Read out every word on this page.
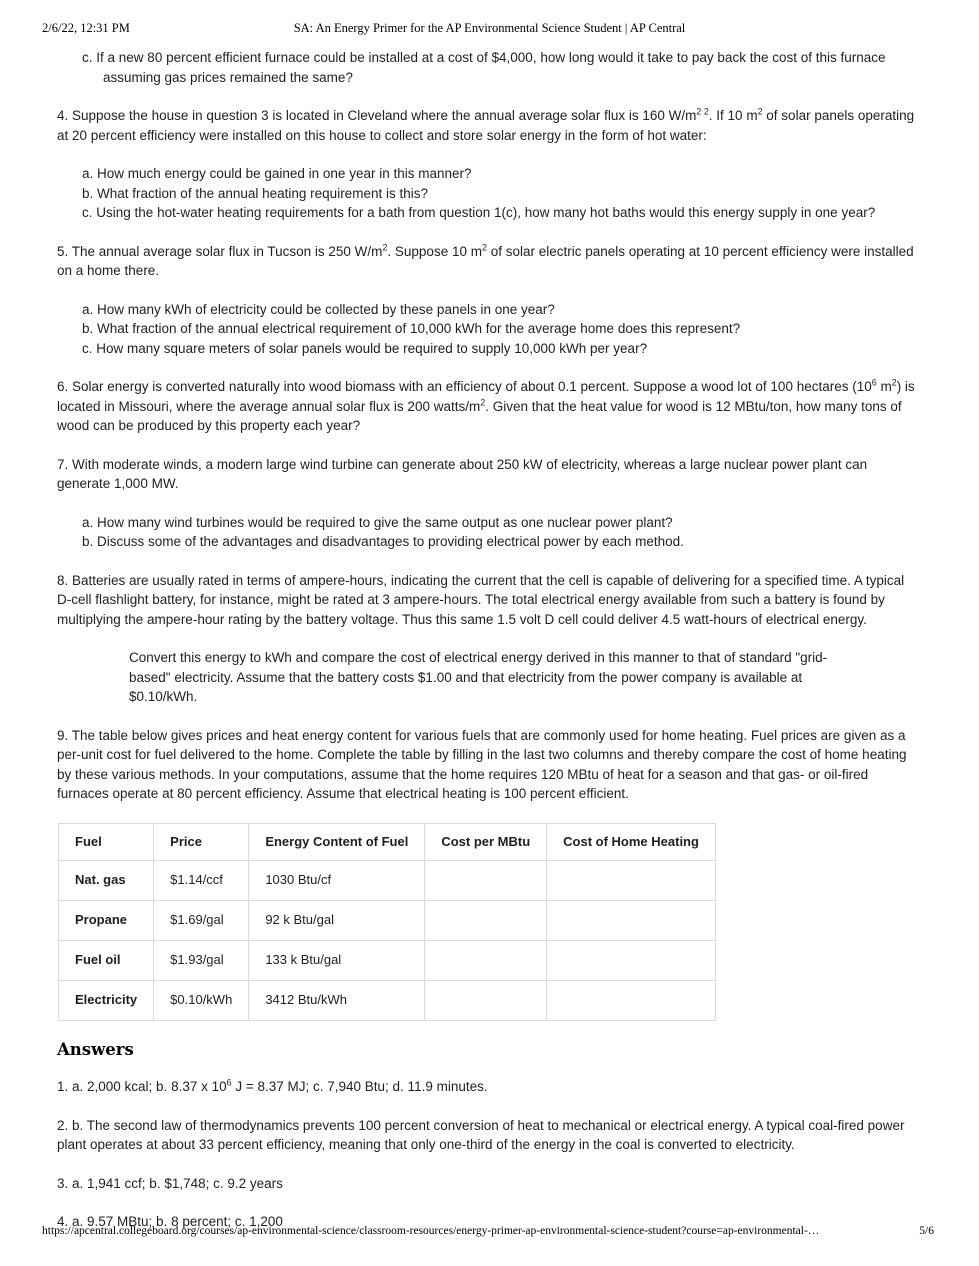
2/6/22, 12:31 PM	SA: An Energy Primer for the AP Environmental Science Student | AP Central

c. If a new 80 percent efficient furnace could be installed at a cost of $4,000, how long would it take to pay back the cost of this furnace assuming gas prices remained the same?

4. Suppose the house in question 3 is located in Cleveland where the annual average solar flux is 160 $W/m^{2 2}$. If 10 $m^2$ of solar panels operating at 20 percent efficiency were installed on this house to collect and store solar energy in the form of hot water:

a. How much energy could be gained in one year in this manner?

b. What fraction of the annual heating requirement is this?

c. Using the hot-water heating requirements for a bath from question 1(c), how many hot baths would this energy supply in one year?

5. The annual average solar flux in Tucson is 250 $W/m^2$. Suppose 10 $m^2$ of solar electric panels operating at 10 percent efficiency were installed on a home there.

a. How many kWh of electricity could be collected by these panels in one year?

b. What fraction of the annual electrical requirement of 10,000 kWh for the average home does this represent?

c. How many square meters of solar panels would be required to supply 10,000 kWh per year?

6. Solar energy is converted naturally into wood biomass with an efficiency of about 0.1 percent. Suppose a wood lot of 100 hectares ($10^6$ $m^2$) is located in Missouri, where the average annual solar flux is 200 watts/$m^2$. Given that the heat value for wood is 12 MBtu/ton, how many tons of wood can be produced by this property each year?

7. With moderate winds, a modern large wind turbine can generate about 250 kW of electricity, whereas a large nuclear power plant can generate 1,000 MW.

a. How many wind turbines would be required to give the same output as one nuclear power plant?

b. Discuss some of the advantages and disadvantages to providing electrical power by each method.

8. Batteries are usually rated in terms of ampere-hours, indicating the current that the cell is capable of delivering for a specified time. A typical D-cell flashlight battery, for instance, might be rated at 3 ampere-hours. The total electrical energy available from such a battery is found by multiplying the ampere-hour rating by the battery voltage. Thus this same 1.5 volt D cell could deliver 4.5 watt-hours of electrical energy.

Convert this energy to kWh and compare the cost of electrical energy derived in this manner to that of standard "grid-based" electricity. Assume that the battery costs $1.00 and that electricity from the power company is available at $0.10/kWh.

9. The table below gives prices and heat energy content for various fuels that are commonly used for home heating. Fuel prices are given as a per-unit cost for fuel delivered to the home. Complete the table by filling in the last two columns and thereby compare the cost of home heating by these various methods. In your computations, assume that the home requires 120 MBtu of heat for a season and that gas- or oil-fired furnaces operate at 80 percent efficiency. Assume that electrical heating is 100 percent efficient.

Fuel	Price	Energy Content of Fuel	Cost per MBtu	Cost of Home Heating
Nat. gas	$1.14/ccf	1030 Btu/cf		
Propane	$1.69/gal	92 k Btu/gal		
Fuel oil	$1.93/gal	133 k Btu/gal		
Electricity	$0.10/kWh	3412 Btu/kWh		
Answers

1. a. 2,000 kcal; b. 8.37 x $10^6$ J = 8.37 MJ; c. 7,940 Btu; d. 11.9 minutes.

2. b. The second law of thermodynamics prevents 100 percent conversion of heat to mechanical or electrical energy. A typical coal-fired power plant operates at about 33 percent efficiency, meaning that only one-third of the energy in the coal is converted to electricity.

3. a. 1,941 ccf; b. $1,748; c. 9.2 years

4. a. 9.57 MBtu; b. 8 percent; c. 1,200

https://apcentral.collegeboard.org/courses/ap-environmental-science/classroom-resources/energy-primer-ap-environmental-science-student?course=ap-environmental-…	5/6
